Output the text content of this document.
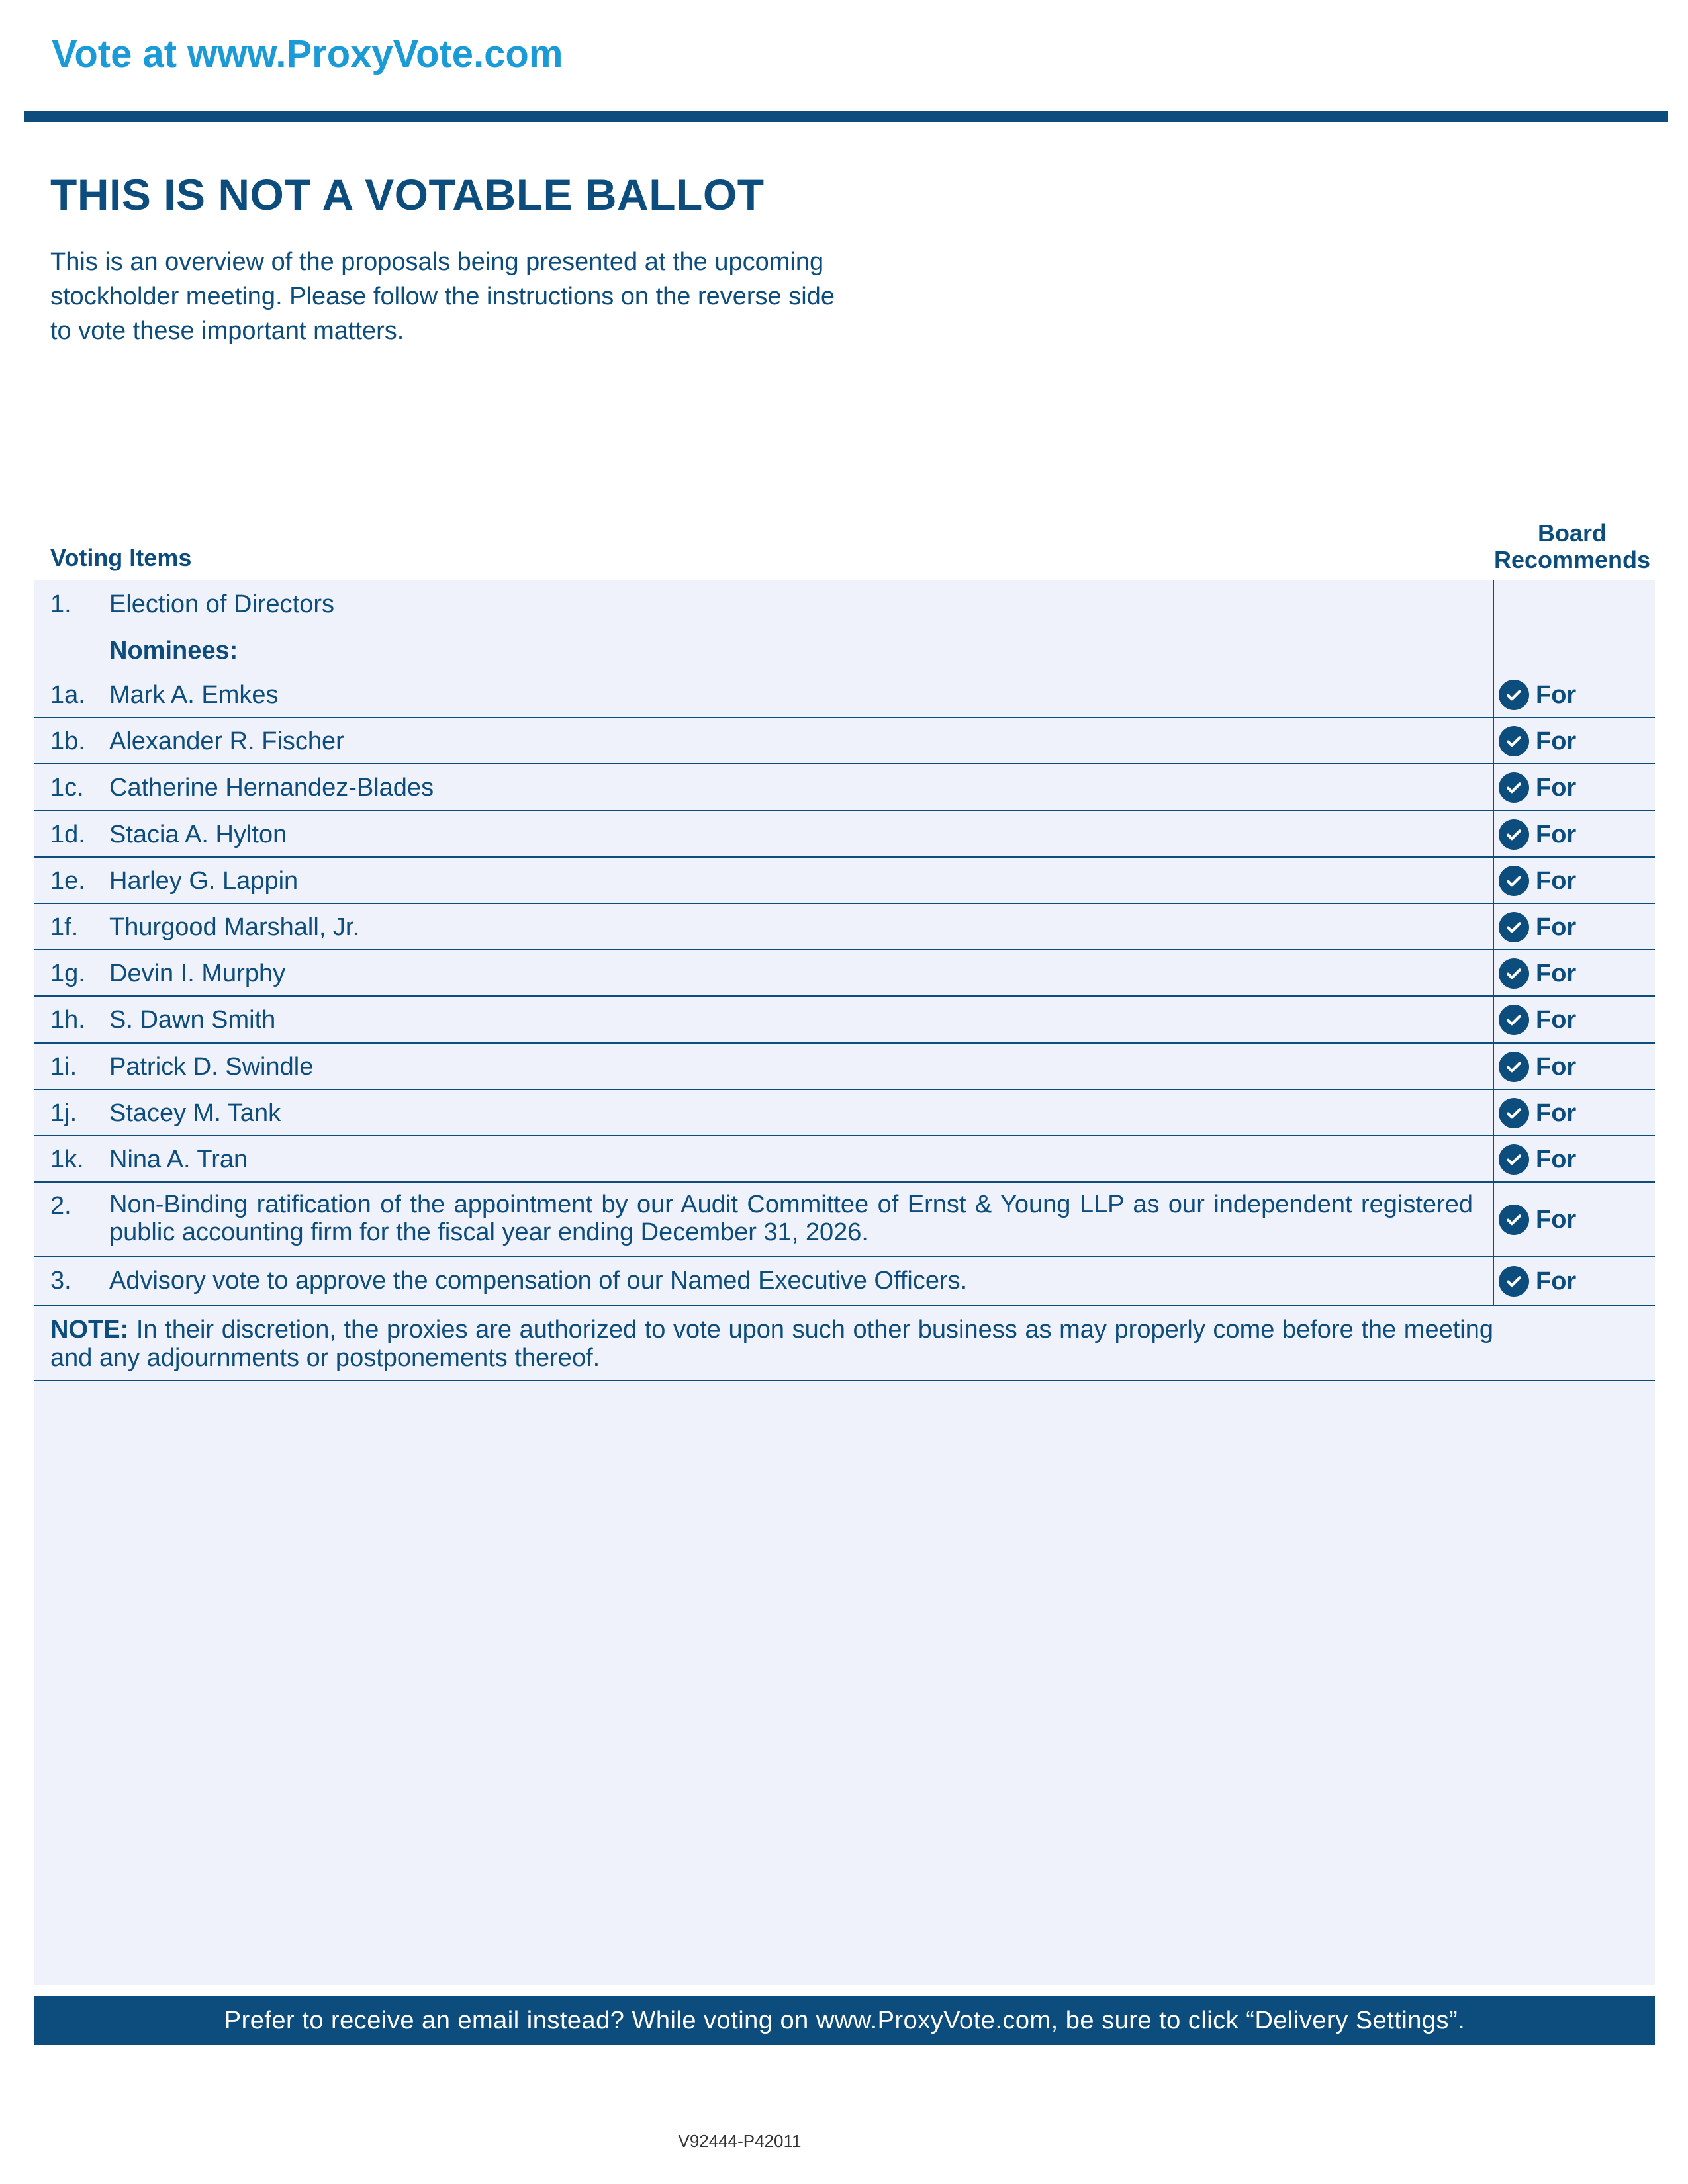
Vote at www.ProxyVote.com
THIS IS NOT A VOTABLE BALLOT
This is an overview of the proposals being presented at the upcoming stockholder meeting. Please follow the instructions on the reverse side to vote these important matters.
Voting Items
Board Recommends
1. Election of Directors
Nominees:
1a. Mark A. Emkes	For
1b. Alexander R. Fischer	For
1c. Catherine Hernandez-Blades	For
1d. Stacia A. Hylton	For
1e. Harley G. Lappin	For
1f. Thurgood Marshall, Jr.	For
1g. Devin I. Murphy	For
1h. S. Dawn Smith	For
1i. Patrick D. Swindle	For
1j. Stacey M. Tank	For
1k. Nina A. Tran	For
2. Non-Binding ratification of the appointment by our Audit Committee of Ernst & Young LLP as our independent registered public accounting firm for the fiscal year ending December 31, 2026.	For
3. Advisory vote to approve the compensation of our Named Executive Officers.	For
NOTE: In their discretion, the proxies are authorized to vote upon such other business as may properly come before the meeting and any adjournments or postponements thereof.
Prefer to receive an email instead? While voting on www.ProxyVote.com, be sure to click “Delivery Settings”.
V92444-P42011
